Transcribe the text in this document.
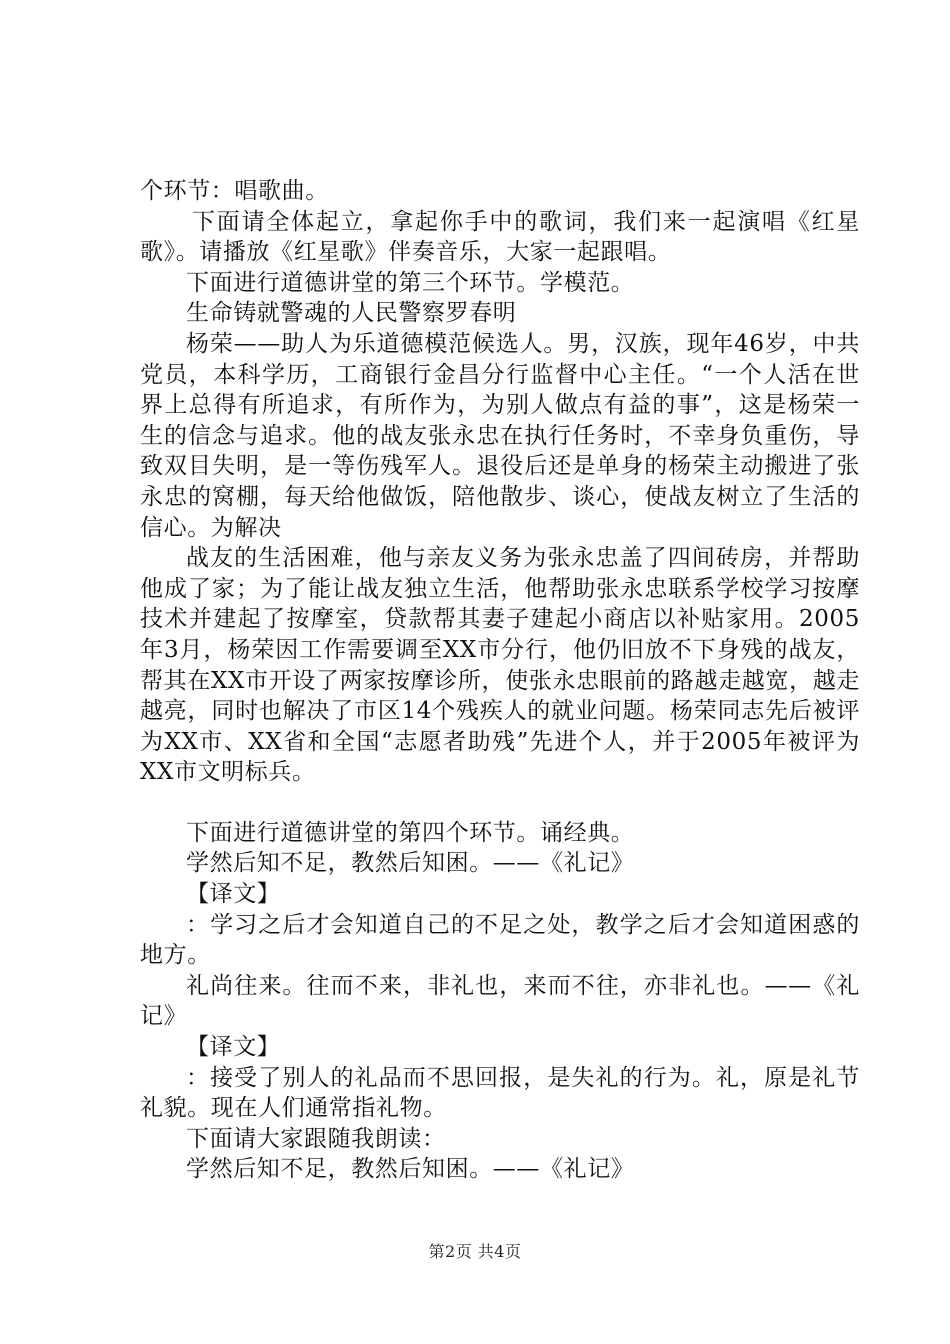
个环节：唱歌曲。

下面请全体起立，拿起你手中的歌词，我们来一起演唱《红星歌》。请播放《红星歌》伴奏音乐，大家一起跟唱。

下面进行道德讲堂的第三个环节。学模范。

生命铸就警魂的人民警察罗春明

杨荣——助人为乐道德模范候选人。男，汉族，现年46岁，中共党员，本科学历，工商银行金昌分行监督中心主任。“一个人活在世界上总得有所追求，有所作为，为别人做点有益的事”，这是杨荣一生的信念与追求。他的战友张永忠在执行任务时，不幸身负重伤，导致双目失明，是一等伤残军人。退役后还是单身的杨荣主动搬进了张永忠的窝棚，每天给他做饭，陪他散步、谈心，使战友树立了生活的信心。为解决

战友的生活困难，他与亲友义务为张永忠盖了四间砖房，并帮助他成了家；为了能让战友独立生活，他帮助张永忠联系学校学习按摩技术并建起了按摩室，贷款帮其妻子建起小商店以补贴家用。2005年3月，杨荣因工作需要调至XX市分行，他仍旧放不下身残的战友，帮其在XX市开设了两家按摩诊所，使张永忠眼前的路越走越宽，越走越亮，同时也解决了市区14个残疾人的就业问题。杨荣同志先后被评为XX市、XX省和全国“志愿者助残”先进个人，并于2005年被评为XX市文明标兵。

下面进行道德讲堂的第四个环节。诵经典。

学然后知不足，教然后知困。——《礼记》

【译文】

：学习之后才会知道自己的不足之处，教学之后才会知道困惑的地方。

礼尚往来。往而不来，非礼也，来而不往，亦非礼也。——《礼记》

【译文】

：接受了别人的礼品而不思回报，是失礼的行为。礼，原是礼节礼貌。现在人们通常指礼物。

下面请大家跟随我朗读：

学然后知不足，教然后知困。——《礼记》

第2页 共4页
